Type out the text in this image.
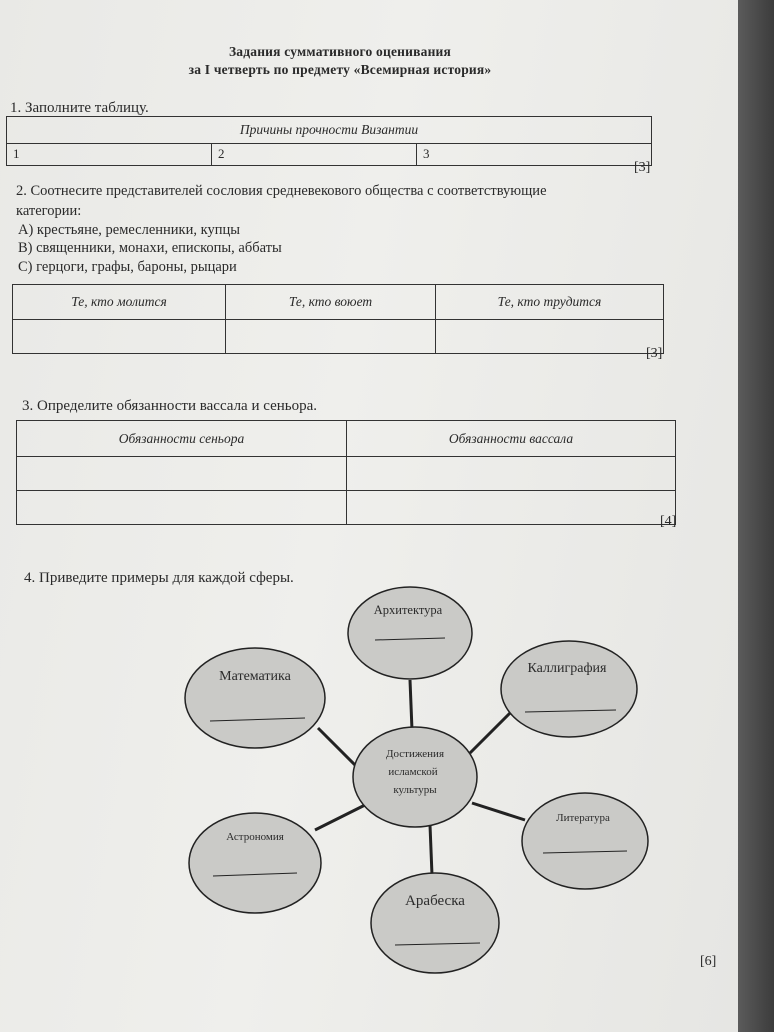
Задания суммативного оценивания
за I четверть по предмету «Всемирная история»
1. Заполните таблицу.
Причины прочности Византии
1	2	3
[3]
2. Соотнесите представителей сословия средневекового общества с соответствующие
категории:
А) крестьяне, ремесленники, купцы
В) священники, монахи, епископы, аббаты
С) герцоги, графы, бароны, рыцари
Те, кто молится	Те, кто воюет	Те, кто трудится

[3]
3. Определите обязанности вассала и сеньора.
Обязанности сеньора	Обязанности вассала

[4]
4. Приведите примеры для каждой сферы.
Достижения
исламской
культуры
Архитектура
Каллиграфия
Математика
Литература
Астрономия
Арабеска
[6]
